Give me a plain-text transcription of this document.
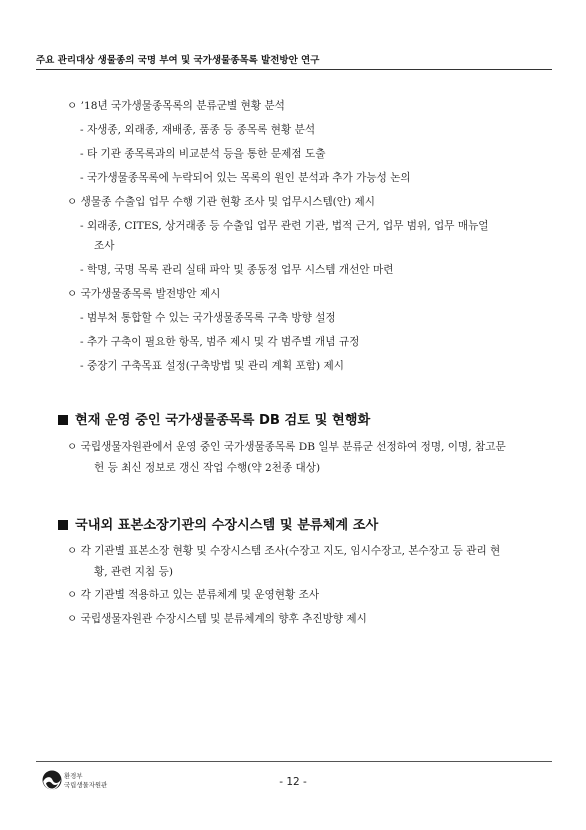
주요 관리대상 생물종의 국명 부여 및 국가생물종목록 발전방안 연구
ㅇ ’18년 국가생물종목록의 분류군별 현황 분석
- 자생종, 외래종, 재배종, 품종 등 종목록 현황 분석
- 타 기관 종목록과의 비교분석 등을 통한 문제점 도출
- 국가생물종목록에 누락되어 있는 목록의 원인 분석과 추가 가능성 논의
ㅇ 생물종 수출입 업무 수행 기관 현황 조사 및 업무시스템(안) 제시
- 외래종, CITES, 상거래종 등 수출입 업무 관련 기관, 법적 근거, 업무 범위, 업무 매뉴얼
조사
- 학명, 국명 목록 관리 실태 파악 및 종동정 업무 시스템 개선안 마련
ㅇ 국가생물종목록 발전방안 제시
- 범부처 통합할 수 있는 국가생물종목록 구축 방향 설정
- 추가 구축이 필요한 항목, 범주 제시 및 각 범주별 개념 규정
- 중장기 구축목표 설정(구축방법 및 관리 계획 포함) 제시
현재 운영 중인 국가생물종목록 DB 검토 및 현행화
ㅇ 국립생물자원관에서 운영 중인 국가생물종목록 DB 일부 분류군 선정하여 정명, 이명, 참고문
헌 등 최신 정보로 갱신 작업 수행(약 2천종 대상)
국내외 표본소장기관의 수장시스템 및 분류체계 조사
ㅇ 각 기관별 표본소장 현황 및 수장시스템 조사(수장고 지도, 임시수장고, 본수장고 등 관리 현
황, 관련 지침 등)
ㅇ 각 기관별 적용하고 있는 분류체계 및 운영현황 조사
ㅇ 국립생물자원관 수장시스템 및 분류체계의 향후 추진방향 제시
환경부
국립생물자원관	- 12 -
